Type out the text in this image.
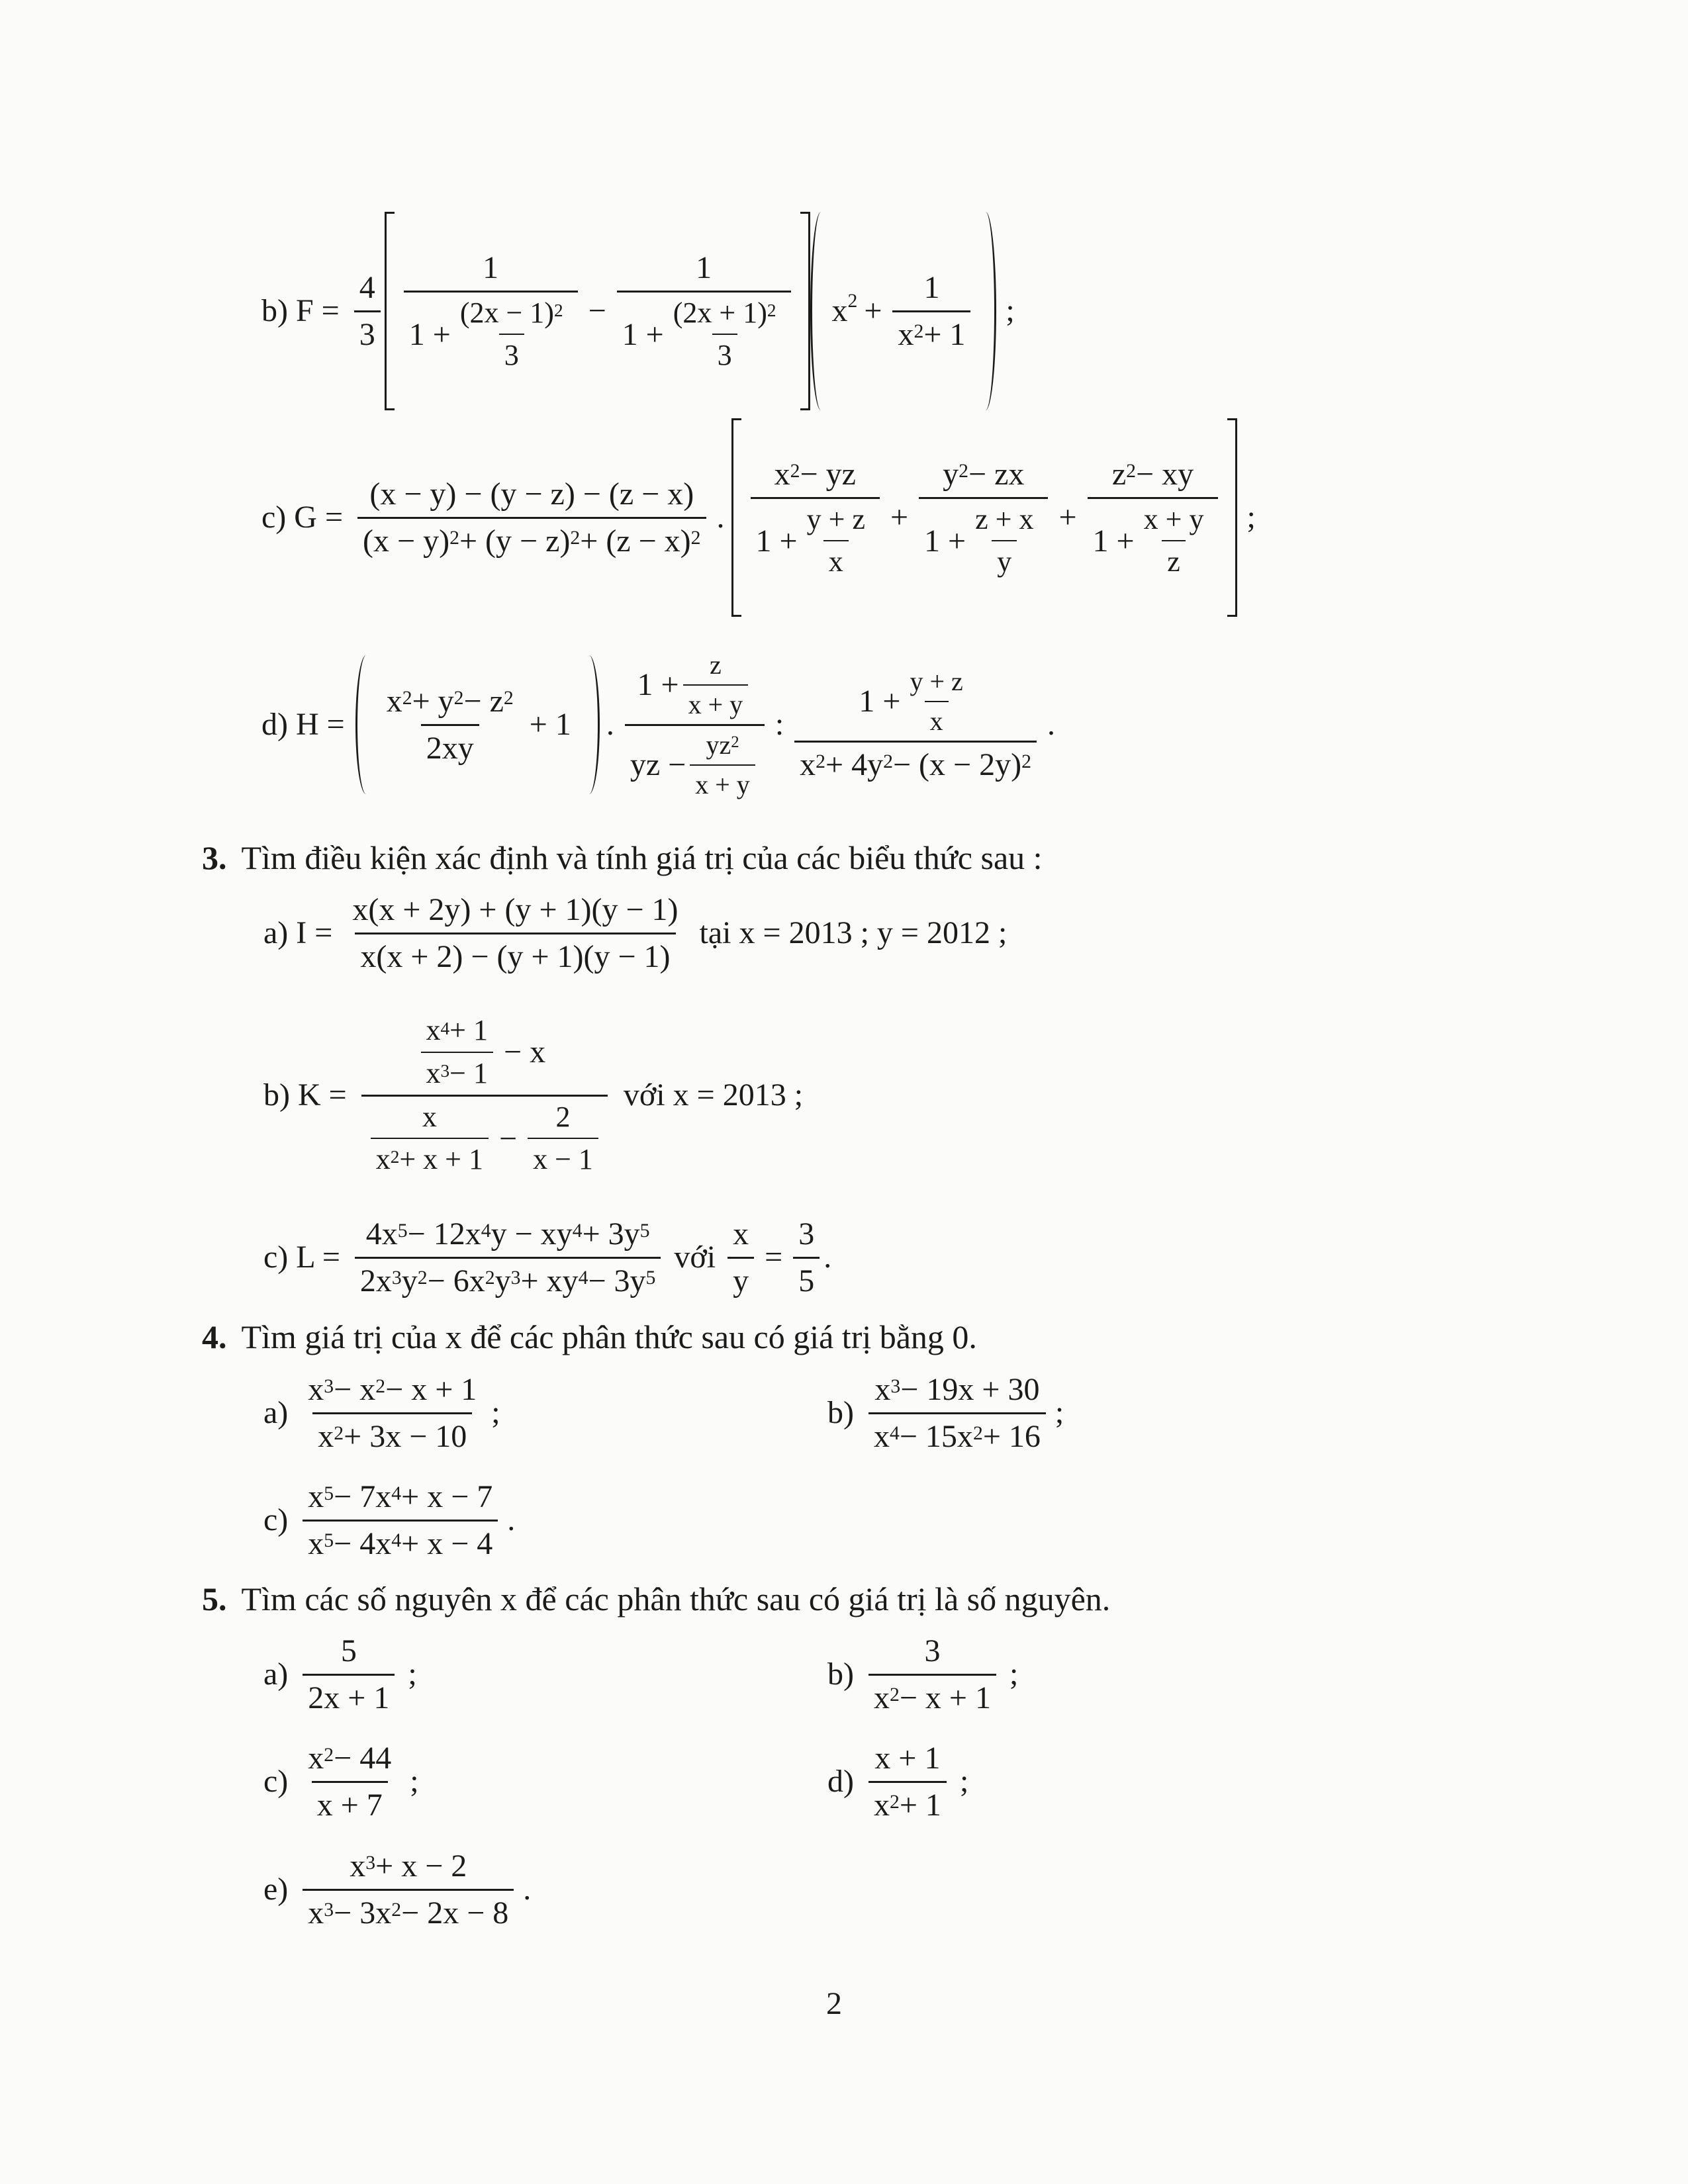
b) $F = \frac{4}{3}$
1
1 +
$(2x - 1)^2$
3
− 1
1 +
$(2x + 1)^2$
3 $x^2 + \frac{1}{x^2 + 1}$ ;
c) $G = \frac{(x - y) - (y - z) - (z - x)}{(x - y)^2 + (y - z)^2 + (z - x)^2}$ .
$x^2$ − yz
1 +
y + z
x
+ $y^2$ − zx
1 +
z + x
$y + z^2$ − xy
1 +
x + y
z ;
d) H =
$x^2 + y^2 - z^2$
2xy
+ 1 .
1 +
z
x + y
yz −
$yz^2$
x + y
:
1 +
y + z
x
$x^2 + 4y^2 - (x - 2y)^2$
.
3. Tìm điều kiện xác định và tính giá trị của các biểu thức sau :
a) $I = \frac{x(x + 2y) + (y + 1)(y - 1)}{x(x + 2) - (y + 1)(y - 1)}$ tại x = 2013 ; y = 2012 ;
b) $K = x^4 + 1$
$x^3 - 1$
− x
x
$x^2 + x + 1$
− $\frac{2}{x - 1}$ với x = 2013 ;
c) $L = \frac{4x^5 - 12x^4 y - xy^4 + 3y^5}{2x^3 y^2 - 6x^2 y^3 + xy^4 - 3y^5}$ với $\frac{x}{y} = \frac{3}{5}$ .
4. Tìm giá trị của x để các phân thức sau có giá trị bằng 0.
a)
$x^3 - x^2 - x + 1$
$x^2 + 3x - 10$
;	b)
$x^3 - 19x + 30$
$x^4 - 15x^2 + 16$
;
c)
$x^5 - 7x^4 + x - 7$
$x^5 - 4x^4 + x - 4$
.
5. Tìm các số nguyên x để các phân thức sau có giá trị là số nguyên.
a)
5
2x + 1
;	b)
3
$x^2 - x + 1$
;
c)
$x^2 - 44$
x + 7
;	d)
x + 1
$x^2 + 1$
;
e)
$x^3 + x - 2$
$x^3 - 3x^2 - 2x - 8$
.
2
